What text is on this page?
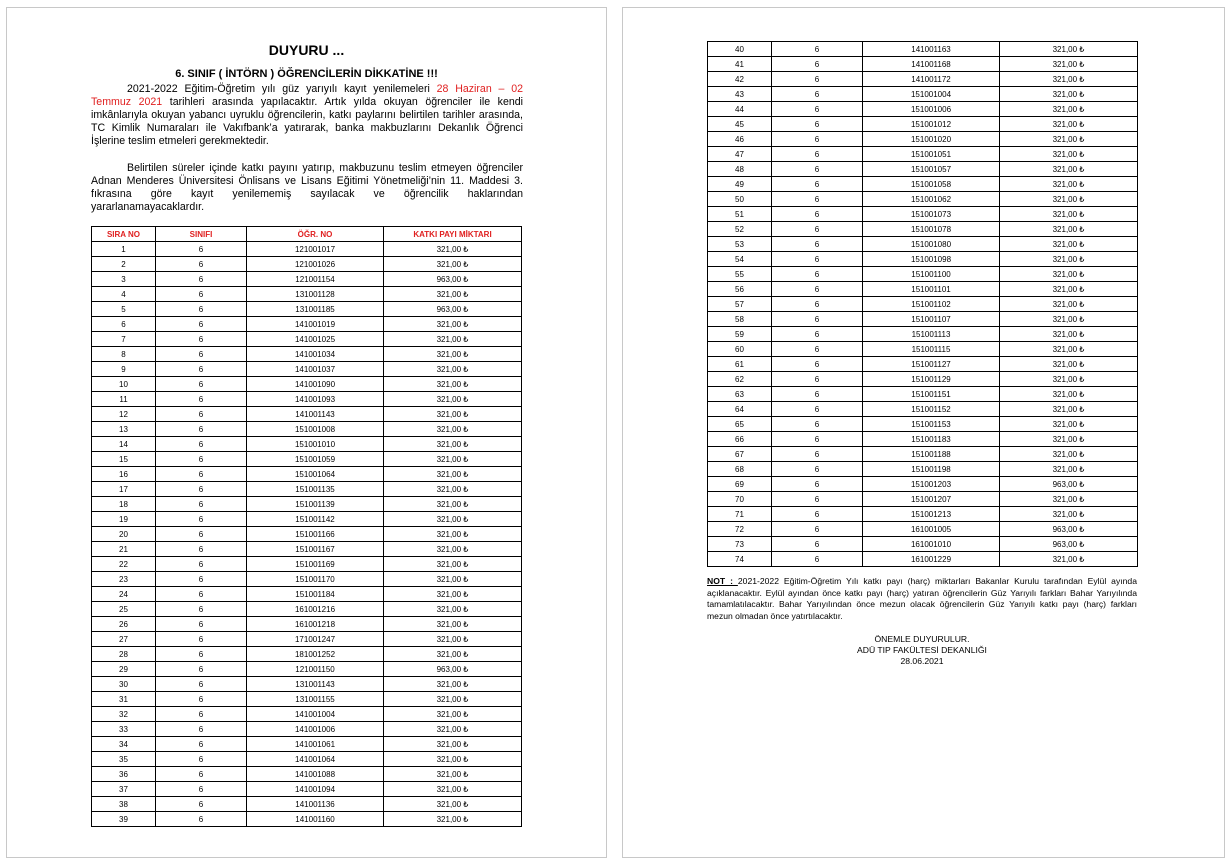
DUYURU ...
6. SINIF ( İNTÖRN ) ÖĞRENCİLERİN DİKKATİNE !!!
2021-2022 Eğitim-Öğretim yılı güz yarıyılı kayıt yenilemeleri 28 Haziran – 02 Temmuz 2021 tarihleri arasında yapılacaktır. Artık yılda okuyan öğrenciler ile kendi imkânlarıyla okuyan yabancı uyruklu öğrencilerin, katkı paylarını belirtilen tarihler arasında, TC Kimlik Numaraları ile Vakıfbank’a yatırarak, banka makbuzlarını Dekanlık Öğrenci İşlerine teslim etmeleri gerekmektedir.
Belirtilen süreler içinde katkı payını yatırıp, makbuzunu teslim etmeyen öğrenciler Adnan Menderes Üniversitesi Önlisans ve Lisans Eğitimi Yönetmeliği’nin 11. Maddesi 3. fıkrasına göre kayıt yenilememiş sayılacak ve öğrencilik haklarından yararlanamayacaklardır.
SIRA NO	SINIFI	ÖĞR. NO	KATKI PAYI MİKTARI
1	6	121001017	321,00 ₺
2	6	121001026	321,00 ₺
3	6	121001154	963,00 ₺
4	6	131001128	321,00 ₺
5	6	131001185	963,00 ₺
6	6	141001019	321,00 ₺
7	6	141001025	321,00 ₺
8	6	141001034	321,00 ₺
9	6	141001037	321,00 ₺
10	6	141001090	321,00 ₺
11	6	141001093	321,00 ₺
12	6	141001143	321,00 ₺
13	6	151001008	321,00 ₺
14	6	151001010	321,00 ₺
15	6	151001059	321,00 ₺
16	6	151001064	321,00 ₺
17	6	151001135	321,00 ₺
18	6	151001139	321,00 ₺
19	6	151001142	321,00 ₺
20	6	151001166	321,00 ₺
21	6	151001167	321,00 ₺
22	6	151001169	321,00 ₺
23	6	151001170	321,00 ₺
24	6	151001184	321,00 ₺
25	6	161001216	321,00 ₺
26	6	161001218	321,00 ₺
27	6	171001247	321,00 ₺
28	6	181001252	321,00 ₺
29	6	121001150	963,00 ₺
30	6	131001143	321,00 ₺
31	6	131001155	321,00 ₺
32	6	141001004	321,00 ₺
33	6	141001006	321,00 ₺
34	6	141001061	321,00 ₺
35	6	141001064	321,00 ₺
36	6	141001088	321,00 ₺
37	6	141001094	321,00 ₺
38	6	141001136	321,00 ₺
39	6	141001160	321,00 ₺
40	6	141001163	321,00 ₺
41	6	141001168	321,00 ₺
42	6	141001172	321,00 ₺
43	6	151001004	321,00 ₺
44	6	151001006	321,00 ₺
45	6	151001012	321,00 ₺
46	6	151001020	321,00 ₺
47	6	151001051	321,00 ₺
48	6	151001057	321,00 ₺
49	6	151001058	321,00 ₺
50	6	151001062	321,00 ₺
51	6	151001073	321,00 ₺
52	6	151001078	321,00 ₺
53	6	151001080	321,00 ₺
54	6	151001098	321,00 ₺
55	6	151001100	321,00 ₺
56	6	151001101	321,00 ₺
57	6	151001102	321,00 ₺
58	6	151001107	321,00 ₺
59	6	151001113	321,00 ₺
60	6	151001115	321,00 ₺
61	6	151001127	321,00 ₺
62	6	151001129	321,00 ₺
63	6	151001151	321,00 ₺
64	6	151001152	321,00 ₺
65	6	151001153	321,00 ₺
66	6	151001183	321,00 ₺
67	6	151001188	321,00 ₺
68	6	151001198	321,00 ₺
69	6	151001203	963,00 ₺
70	6	151001207	321,00 ₺
71	6	151001213	321,00 ₺
72	6	161001005	963,00 ₺
73	6	161001010	963,00 ₺
74	6	161001229	321,00 ₺
NOT : 2021-2022 Eğitim-Öğretim Yılı katkı payı (harç) miktarları Bakanlar Kurulu tarafından Eylül ayında açıklanacaktır. Eylül ayından önce katkı payı (harç) yatıran öğrencilerin Güz Yarıyılı farkları Bahar Yarıyılında tamamlatılacaktır. Bahar Yarıyılından önce mezun olacak öğrencilerin Güz Yarıyılı katkı payı (harç) farkları mezun olmadan önce yatırtılacaktır.
ÖNEMLE DUYURULUR.
ADÜ TIP FAKÜLTESİ DEKANLIĞI
28.06.2021
